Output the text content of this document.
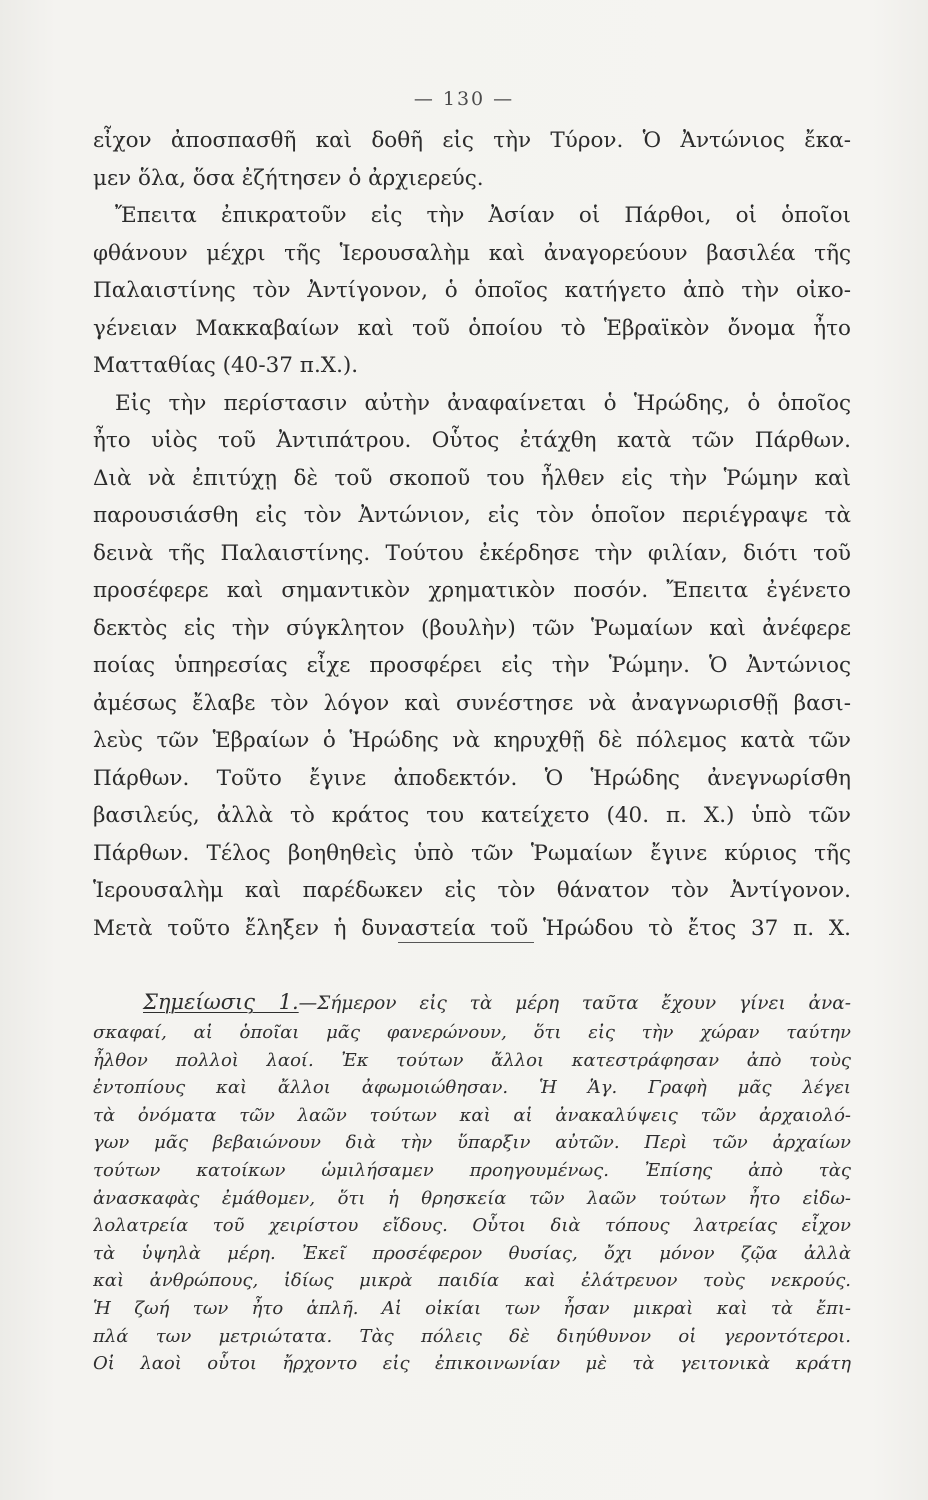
— 130 —
εἶχον ἀποσπασθῆ καὶ δοθῆ εἰς τὴν Τύρον. Ὁ Ἀντώνιος ἔκα-
μεν ὅλα, ὅσα ἐζήτησεν ὁ ἀρχιερεύς.
Ἔπειτα ἐπικρατοῦν εἰς τὴν Ἀσίαν οἱ Πάρθοι, οἱ ὁποῖοι
φθάνουν μέχρι τῆς Ἱερουσαλὴμ καὶ ἀναγορεύουν βασιλέα τῆς
Παλαιστίνης τὸν Ἀντίγονον, ὁ ὁποῖος κατήγετο ἀπὸ τὴν οἰκο-
γένειαν Μακκαβαίων καὶ τοῦ ὁποίου τὸ Ἑβραϊκὸν ὄνομα ἦτο
Ματταθίας (40-37 π.Χ.).
Εἰς τὴν περίστασιν αὐτὴν ἀναφαίνεται ὁ Ἡρώδης, ὁ ὁποῖος
ἦτο υἱὸς τοῦ Ἀντιπάτρου. Οὗτος ἐτάχθη κατὰ τῶν Πάρθων.
Διὰ νὰ ἐπιτύχῃ δὲ τοῦ σκοποῦ του ἦλθεν εἰς τὴν Ῥώμην καὶ
παρουσιάσθη εἰς τὸν Ἀντώνιον, εἰς τὸν ὁποῖον περιέγραψε τὰ
δεινὰ τῆς Παλαιστίνης. Τούτου ἐκέρδησε τὴν φιλίαν, διότι τοῦ
προσέφερε καὶ σημαντικὸν χρηματικὸν ποσόν. Ἔπειτα ἐγένετο
δεκτὸς εἰς τὴν σύγκλητον (βουλὴν) τῶν Ῥωμαίων καὶ ἀνέφερε
ποίας ὑπηρεσίας εἶχε προσφέρει εἰς τὴν Ῥώμην. Ὁ Ἀντώνιος
ἀμέσως ἔλαβε τὸν λόγον καὶ συνέστησε νὰ ἀναγνωρισθῇ βασι-
λεὺς τῶν Ἑβραίων ὁ Ἡρώδης νὰ κηρυχθῇ δὲ πόλεμος κατὰ τῶν
Πάρθων. Τοῦτο ἔγινε ἀποδεκτόν. Ὁ Ἡρώδης ἀνεγνωρίσθη
βασιλεύς, ἀλλὰ τὸ κράτος του κατείχετο (40. π. Χ.) ὑπὸ τῶν
Πάρθων. Τέλος βοηθηθεὶς ὑπὸ τῶν Ῥωμαίων ἔγινε κύριος τῆς
Ἱερουσαλὴμ καὶ παρέδωκεν εἰς τὸν θάνατον τὸν Ἀντίγονον.
Μετὰ τοῦτο ἔληξεν ἡ δυναστεία τοῦ Ἡρώδου τὸ ἔτος 37 π. Χ.
Σημείωσις 1.—Σήμερον εἰς τὰ μέρη ταῦτα ἔχουν γίνει ἀνα-
σκαφαί, αἱ ὁποῖαι μᾶς φανερώνουν, ὅτι εἰς τὴν χώραν ταύτην
ἦλθον πολλοὶ λαοί. Ἐκ τούτων ἄλλοι κατεστράφησαν ἀπὸ τοὺς
ἐντοπίους καὶ ἄλλοι ἀφωμοιώθησαν. Ἡ Ἁγ. Γραφὴ μᾶς λέγει
τὰ ὀνόματα τῶν λαῶν τούτων καὶ αἱ ἀνακαλύψεις τῶν ἀρχαιολό-
γων μᾶς βεβαιώνουν διὰ τὴν ὕπαρξιν αὐτῶν. Περὶ τῶν ἀρχαίων
τούτων κατοίκων ὡμιλήσαμεν προηγουμένως. Ἐπίσης ἀπὸ τὰς
ἀνασκαφὰς ἐμάθομεν, ὅτι ἡ θρησκεία τῶν λαῶν τούτων ἦτο εἰδω-
λολατρεία τοῦ χειρίστου εἴδους. Οὗτοι διὰ τόπους λατρείας εἶχον
τὰ ὑψηλὰ μέρη. Ἐκεῖ προσέφερον θυσίας, ὄχι μόνον ζῷα ἀλλὰ
καὶ ἀνθρώπους, ἰδίως μικρὰ παιδία καὶ ἐλάτρευον τοὺς νεκρούς.
Ἡ ζωή των ἦτο ἁπλῆ. Αἱ οἰκίαι των ἦσαν μικραὶ καὶ τὰ ἔπι-
πλά των μετριώτατα. Τὰς πόλεις δὲ διηύθυνον οἱ γεροντότεροι.
Οἱ λαοὶ οὗτοι ἤρχοντο εἰς ἐπικοινωνίαν μὲ τὰ γειτονικὰ κράτη
